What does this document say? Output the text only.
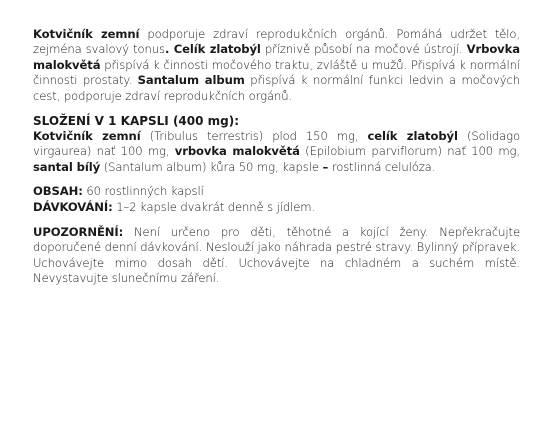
Kotvičník zemní podporuje zdraví reprodukčních orgánů. Pomáhá udržet tělo, zejména svalový tonus. Celík zlatobýl příznivě působí na močové ústrojí. Vrbovka malokvětá přispívá k činnosti močového traktu, zvláště u mužů. Přispívá k normální činnosti prostaty. Santalum album přispívá k normální funkci ledvin a močových cest, podporuje zdraví reprodukčních orgánů.

SLOŽENÍ V 1 KAPSLI (400 mg):

Kotvičník zemní (Tribulus terrestris) plod 150 mg, celík zlatobýl (Solidago virgaurea) nať 100 mg, vrbovka malokvětá (Epilobium parviflorum) nať 100 mg, santal bílý (Santalum album) kůra 50 mg, kapsle – rostlinná celulóza.

OBSAH: 60 rostlinných kapslí

DÁVKOVÁNÍ: 1–2 kapsle dvakrát denně s jídlem.

UPOZORNĚNÍ: Není určeno pro děti, těhotné a kojící ženy. Nepřekračujte doporučené denní dávkování. Neslouží jako náhrada pestré stravy. Bylinný přípravek. Uchovávejte mimo dosah dětí. Uchovávejte na chladném a suchém místě. Nevystavujte slunečnímu záření.
